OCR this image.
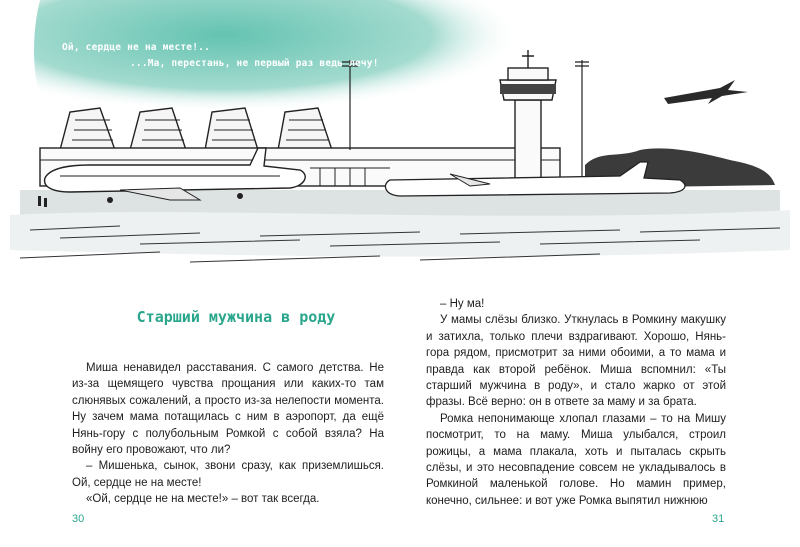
Ой, сердце не на месте!..
...Ма, перестань, не первый раз ведь лечу!
Старший мужчина в роду

Миша ненавидел расставания. С самого детства. Не из-за щемящего чувства прощания или каких-то там слюнявых сожалений, а просто из-за нелепости момента. Ну зачем мама потащилась с ним в аэропорт, да ещё Нянь-гору с полубольным Ромкой с собой взяла? На войну его провожают, что ли?

– Мишенька, сынок, звони сразу, как приземлишься. Ой, сердце не на месте!

«Ой, сердце не на месте!» – вот так всегда.

– Ну ма!

У мамы слёзы близко. Уткнулась в Ромкину макушку и затихла, только плечи вздрагивают. Хорошо, Нянь-гора рядом, присмотрит за ними обоими, а то мама и правда как второй ребёнок. Миша вспомнил: «Ты старший мужчина в роду», и стало жарко от этой фразы. Всё верно: он в ответе за маму и за брата.

Ромка непонимающе хлопал глазами – то на Мишу посмотрит, то на маму. Миша улыбался, строил рожицы, а мама плакала, хоть и пыталась скрыть слёзы, и это несовпадение совсем не укладывалось в Ромкиной маленькой голове. Но мамин пример, конечно, сильнее: и вот уже Ромка выпятил нижнюю

30	31
